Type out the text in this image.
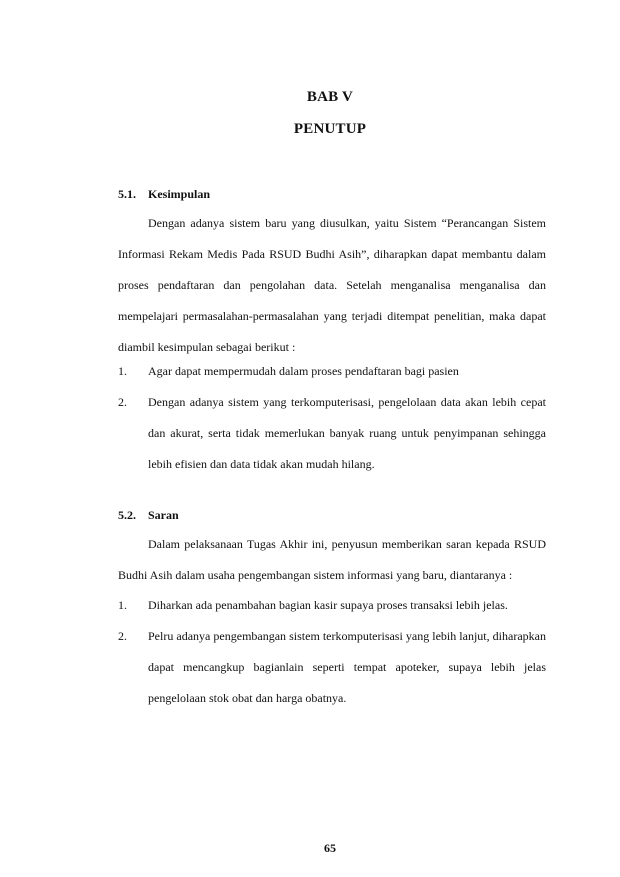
BAB V
PENUTUP
5.1. Kesimpulan
Dengan adanya sistem baru yang diusulkan, yaitu Sistem “Perancangan Sistem Informasi Rekam Medis Pada RSUD Budhi Asih”, diharapkan dapat membantu dalam proses pendaftaran dan pengolahan data. Setelah menganalisa menganalisa dan mempelajari permasalahan-permasalahan yang terjadi ditempat penelitian, maka dapat diambil kesimpulan sebagai berikut :
1. Agar dapat mempermudah dalam proses pendaftaran bagi pasien
2. Dengan adanya sistem yang terkomputerisasi, pengelolaan data akan lebih cepat dan akurat, serta tidak memerlukan banyak ruang untuk penyimpanan sehingga lebih efisien dan data tidak akan mudah hilang.
5.2. Saran
Dalam pelaksanaan Tugas Akhir ini, penyusun memberikan saran kepada RSUD Budhi Asih dalam usaha pengembangan sistem informasi yang baru, diantaranya :
1. Diharkan ada penambahan bagian kasir supaya proses transaksi lebih jelas.
2. Pelru adanya pengembangan sistem terkomputerisasi yang lebih lanjut, diharapkan dapat mencangkup bagianlain seperti tempat apoteker, supaya lebih jelas pengelolaan stok obat dan harga obatnya.
65
